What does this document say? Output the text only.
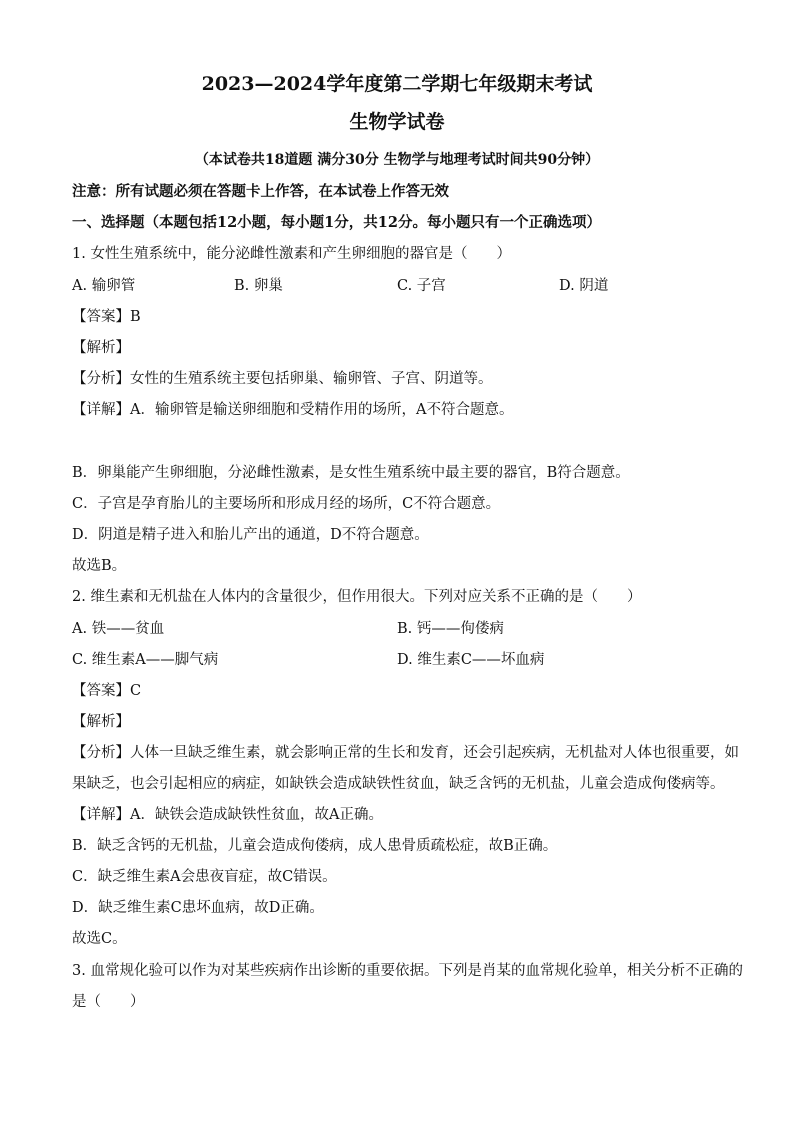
2023—2024学年度第二学期七年级期末考试
生物学试卷
（本试卷共18道题 满分30分 生物学与地理考试时间共90分钟）
注意：所有试题必须在答题卡上作答，在本试卷上作答无效
一、选择题（本题包括12小题，每小题1分，共12分。每小题只有一个正确选项）
1. 女性生殖系统中，能分泌雌性激素和产生卵细胞的器官是（　　）
A. 输卵管	B. 卵巢	C. 子宫	D. 阴道
【答案】B
【解析】
【分析】女性的生殖系统主要包括卵巢、输卵管、子宫、阴道等。
【详解】A．输卵管是输送卵细胞和受精作用的场所，A不符合题意。
B．卵巢能产生卵细胞，分泌雌性激素，是女性生殖系统中最主要的器官，B符合题意。
C．子宫是孕育胎儿的主要场所和形成月经的场所，C不符合题意。
D．阴道是精子进入和胎儿产出的通道，D不符合题意。
故选B。
2. 维生素和无机盐在人体内的含量很少，但作用很大。下列对应关系不正确的是（　　）
A. 铁——贫血	B. 钙——佝偻病
C. 维生素A——脚气病	D. 维生素C——坏血病
【答案】C
【解析】
【分析】人体一旦缺乏维生素，就会影响正常的生长和发育，还会引起疾病，无机盐对人体也很重要，如
果缺乏，也会引起相应的病症，如缺铁会造成缺铁性贫血，缺乏含钙的无机盐，儿童会造成佝偻病等。
【详解】A．缺铁会造成缺铁性贫血，故A正确。
B．缺乏含钙的无机盐，儿童会造成佝偻病，成人患骨质疏松症，故B正确。
C．缺乏维生素A会患夜盲症，故C错误。
D．缺乏维生素C患坏血病，故D正确。
故选C。
3. 血常规化验可以作为对某些疾病作出诊断的重要依据。下列是肖某的血常规化验单，相关分析不正确的
是（　　）
